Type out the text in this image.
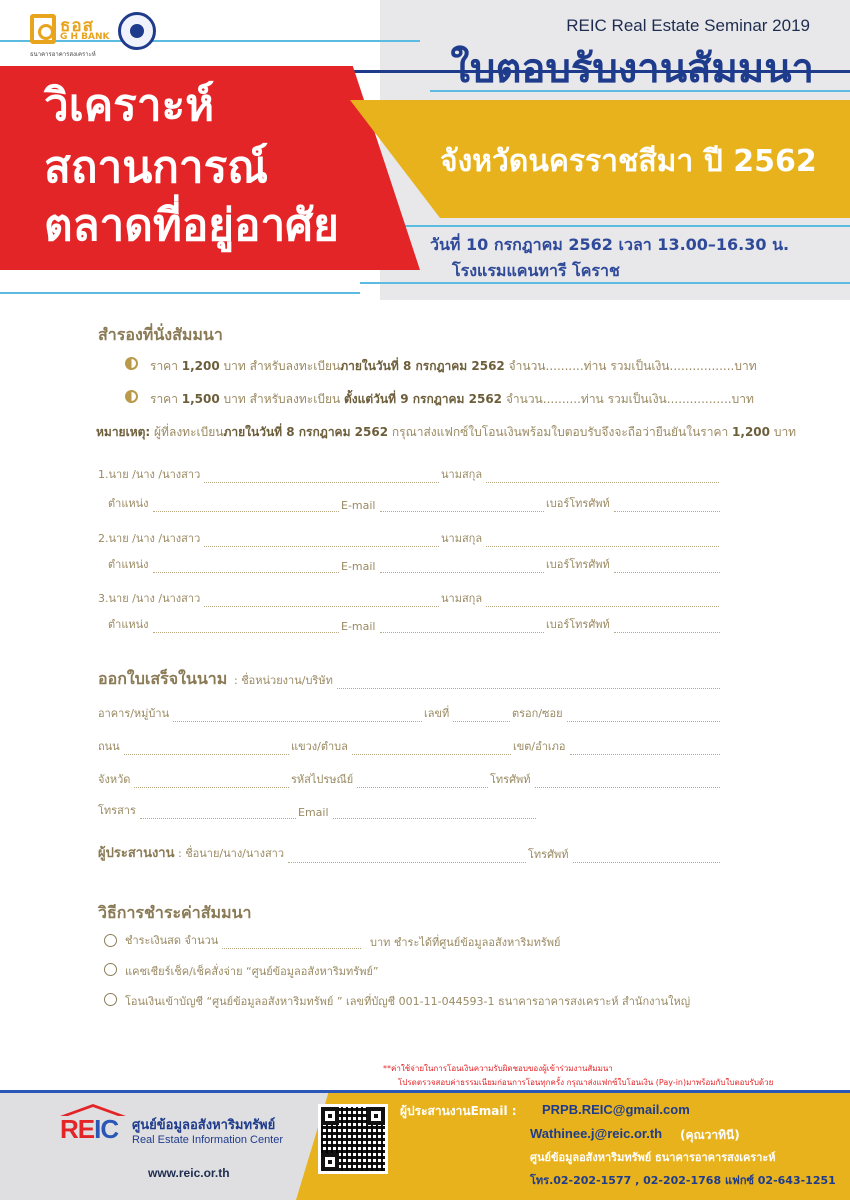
ธอส
G H BANK
ธนาคารอาคารสงเคราะห์
REIC Real Estate Seminar 2019
ใบตอบรับงานสัมมนา
วิเคราะห์
สถานการณ์
ตลาดที่อยู่อาศัย
จังหวัดนครราชสีมา ปี 2562
วันที่ 10 กรกฎาคม 2562 เวลา 13.00–16.30 น.
โรงแรมแคนทารี โคราช
สำรองที่นั่งสัมมนา
ราคา 1,200 บาท สำหรับลงทะเบียนภายในวันที่ 8 กรกฎาคม 2562 จำนวน..........ท่าน รวมเป็นเงิน.................บาท
ราคา 1,500 บาท สำหรับลงทะเบียน ตั้งแต่วันที่ 9 กรกฎาคม 2562 จำนวน..........ท่าน รวมเป็นเงิน.................บาท
หมายเหตุ: ผู้ที่ลงทะเบียนภายในวันที่ 8 กรกฎาคม 2562 กรุณาส่งแฟกซ์ใบโอนเงินพร้อมใบตอบรับจึงจะถือว่ายืนยันในราคา 1,200 บาท
1.นาย /นาง /นางสาว	นามสกุล
ตำแหน่ง	E-mail	เบอร์โทรศัพท์
2.นาย /นาง /นางสาว	นามสกุล
ตำแหน่ง	E-mail	เบอร์โทรศัพท์
3.นาย /นาง /นางสาว	นามสกุล
ตำแหน่ง	E-mail	เบอร์โทรศัพท์
ออกใบเสร็จในนาม : ชื่อหน่วยงาน/บริษัท
อาคาร/หมู่บ้าน	เลขที่	ตรอก/ซอย
ถนน	แขวง/ตำบล	เขต/อำเภอ
จังหวัด	รหัสไปรษณีย์	โทรศัพท์
โทรสาร	Email
ผู้ประสานงาน : ชื่อนาย/นาง/นางสาว	โทรศัพท์
วิธีการชำระค่าสัมมนา
ชำระเงินสด จำนวน	บาท ชำระได้ที่ศูนย์ข้อมูลอสังหาริมทรัพย์
แคชเชียร์เช็ค/เช็คสั่งจ่าย “ศูนย์ข้อมูลอสังหาริมทรัพย์”
โอนเงินเข้าบัญชี “ศูนย์ข้อมูลอสังหาริมทรัพย์ ” เลขที่บัญชี 001-11-044593-1 ธนาคารอาคารสงเคราะห์ สำนักงานใหญ่
**ค่าใช้จ่ายในการโอนเงินความรับผิดชอบของผู้เข้าร่วมงานสัมมนา
โปรดตรวจสอบค่าธรรมเนียมก่อนการโอนทุกครั้ง กรุณาส่งแฟกซ์ใบโอนเงิน (Pay-in)มาพร้อมกับใบตอบรับด้วย
REIC ศูนย์ข้อมูลอสังหาริมทรัพย์
Real Estate Information Center
www.reic.or.th
ผู้ประสานงานEmail : PRPB.REIC@gmail.com
Wathinee.j@reic.or.th (คุณวาทินี)
ศูนย์ข้อมูลอสังหาริมทรัพย์ ธนาคารอาคารสงเคราะห์
โทร.02-202-1577 , 02-202-1768 แฟกซ์ 02-643-1251
